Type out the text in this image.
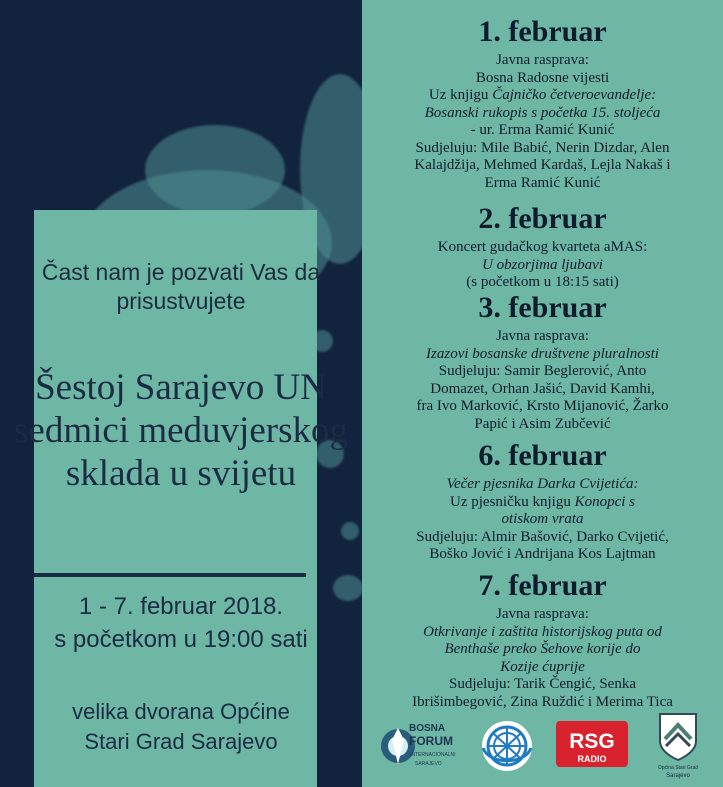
Čast nam je pozvati Vas da prisustvujete
Šestoj Sarajevo UN sedmici meduvjerskog sklada u svijetu
1 - 7. februar 2018.
s početkom u 19:00 sati
velika dvorana Općine
Stari Grad Sarajevo
1. februar

Javna rasprava:

Bosna Radosne vijesti

Uz knjigu Čajničko četveroevandelje:

Bosanski rukopis s početka 15. stoljeća

- ur. Erma Ramić Kunić

Sudjeluju: Mile Babić, Nerin Dizdar, Alen

Kalajdžija, Mehmed Kardaš, Lejla Nakaš i

Erma Ramić Kunić

2. februar

Koncert gudačkog kvarteta aMAS:

U obzorjima ljubavi

(s početkom u 18:15 sati)

3. februar

Javna rasprava:

Izazovi bosanske društvene pluralnosti

Sudjeluju: Samir Beglerović, Anto

Domazet, Orhan Jašić, David Kamhi,

fra Ivo Marković, Krsto Mijanović, Žarko

Papić i Asim Zubčević

6. februar

Večer pjesnika Darka Cvijetića:

Uz pjesničku knjigu Konopci s

otiskom vrata

Sudjeluju: Almir Bašović, Darko Cvijetić,

Boško Jović i Andrijana Kos Lajtman

7. februar

Javna rasprava:

Otkrivanje i zaštita historijskog puta od

Benthaše preko Šehove korije do

Kozije ćuprije

Sudjeluju: Tarik Čengić, Senka

Ibrišimbegović, Zina Ruždić i Merima Tica

BOSNA
FORUM
INTERNACIONALNI
SARAJEVO
RSG
RADIO
Općina Stari Grad
Sarajevo
